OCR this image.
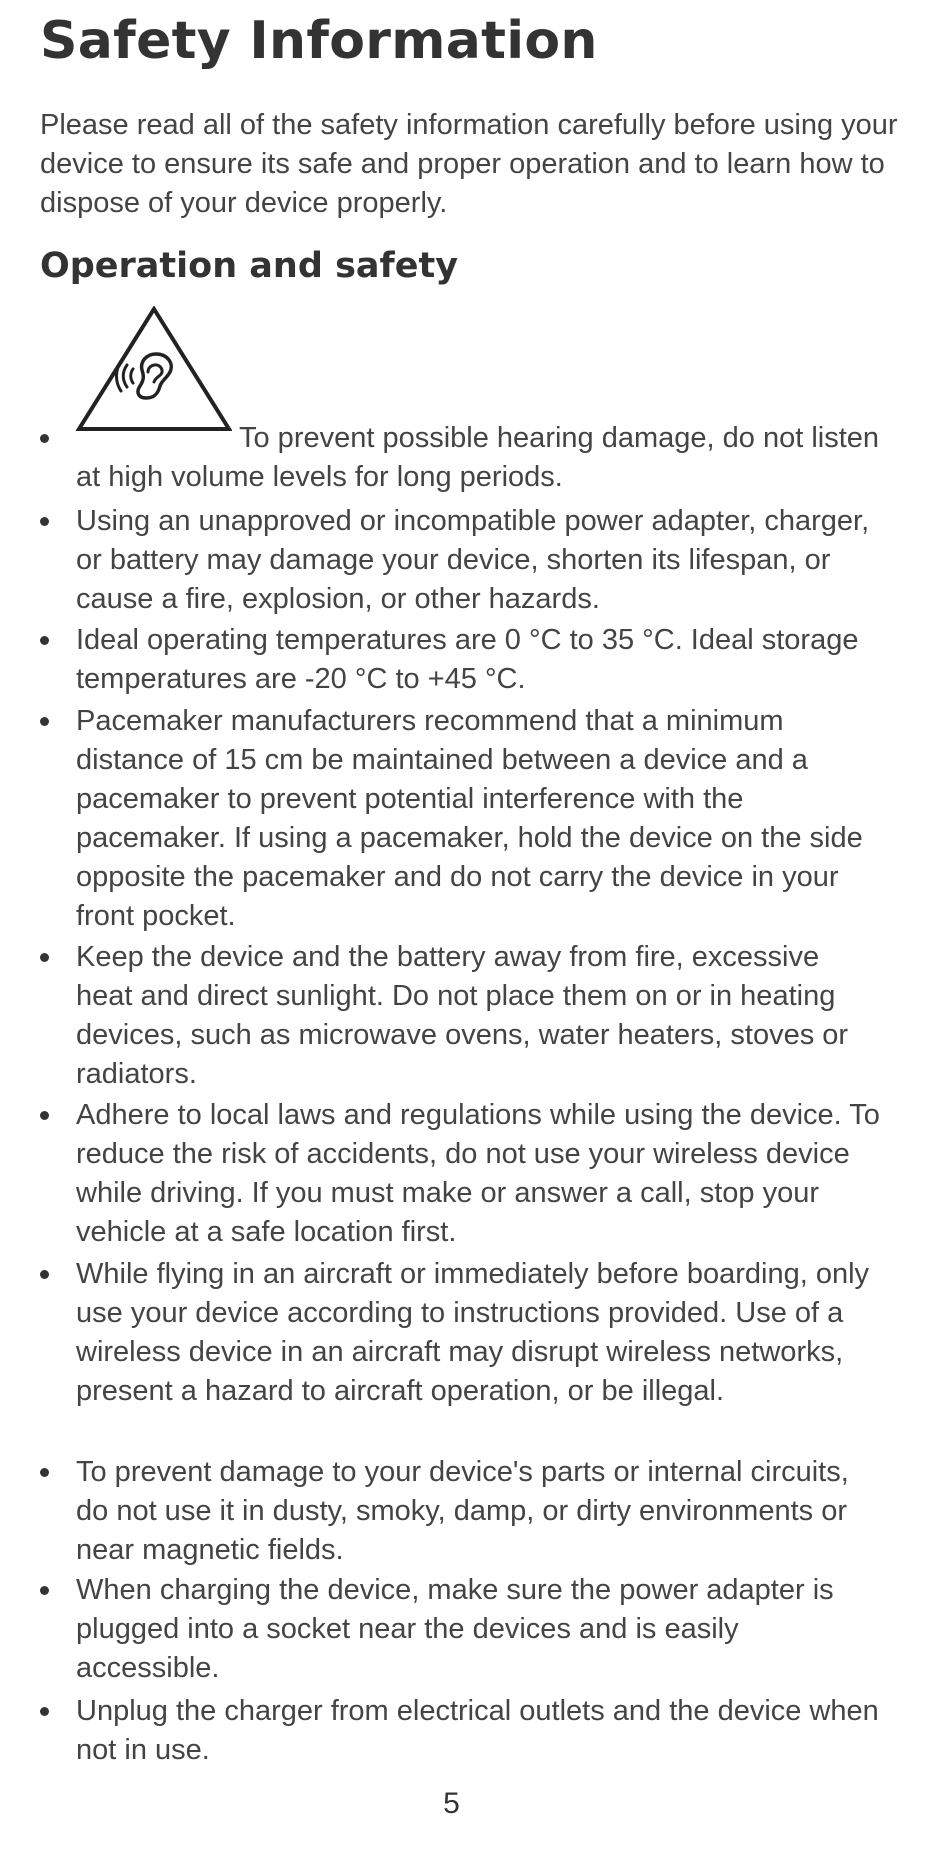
Safety Information

Please read all of the safety information carefully before using your device to ensure its safe and proper operation and to learn how to dispose of your device properly.

Operation and safety
To prevent possible hearing damage, do not listen at high volume levels for long periods.
Using an unapproved or incompatible power adapter, charger, or battery may damage your device, shorten its lifespan, or cause a fire, explosion, or other hazards.
Ideal operating temperatures are 0 °C to 35 °C. Ideal storage temperatures are -20 °C to +45 °C.
Pacemaker manufacturers recommend that a minimum distance of 15 cm be maintained between a device and a pacemaker to prevent potential interference with the pacemaker. If using a pacemaker, hold the device on the side opposite the pacemaker and do not carry the device in your front pocket.
Keep the device and the battery away from fire, excessive heat and direct sunlight. Do not place them on or in heating devices, such as microwave ovens, water heaters, stoves or radiators.
Adhere to local laws and regulations while using the device. To reduce the risk of accidents, do not use your wireless device while driving. If you must make or answer a call, stop your vehicle at a safe location first.
While flying in an aircraft or immediately before boarding, only use your device according to instructions provided. Use of a wireless device in an aircraft may disrupt wireless networks, present a hazard to aircraft operation, or be illegal.
To prevent damage to your device's parts or internal circuits, do not use it in dusty, smoky, damp, or dirty environments or near magnetic fields.
When charging the device, make sure the power adapter is plugged into a socket near the devices and is easily accessible.
Unplug the charger from electrical outlets and the device when not in use.
5
